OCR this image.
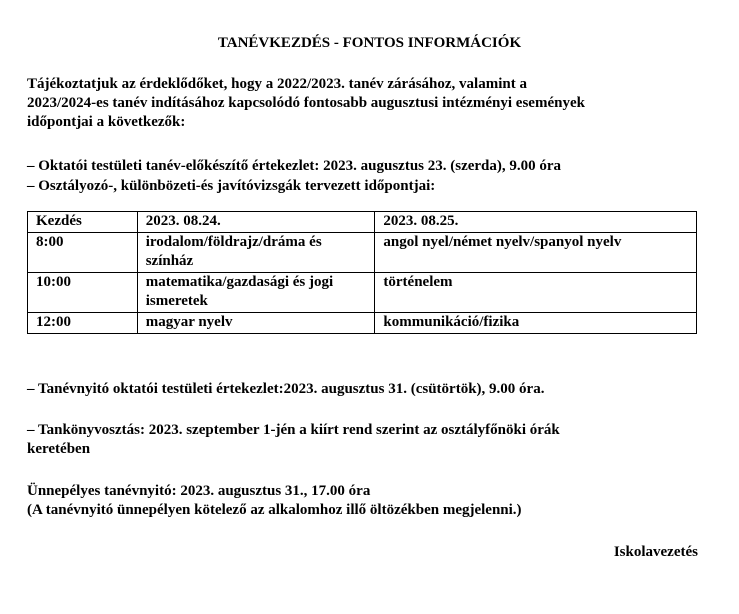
TANÉVKEZDÉS - FONTOS INFORMÁCIÓK
Tájékoztatjuk az érdeklődőket, hogy a 2022/2023. tanév zárásához, valamint a
2023/2024-es tanév indításához kapcsolódó fontosabb augusztusi intézményi események
időpontjai a következők:
– Oktatói testületi tanév-előkészítő értekezlet: 2023. augusztus 23. (szerda), 9.00 óra
– Osztályozó-, különbözeti-és javítóvizsgák tervezett időpontjai:
Kezdés	2023. 08.24.	2023. 08.25.
8:00	irodalom/földrajz/dráma és színház	angol nyel/német nyelv/spanyol nyelv
10:00	matematika/gazdasági és jogi ismeretek	történelem
12:00	magyar nyelv	kommunikáció/fizika
– Tanévnyitó oktatói testületi értekezlet:2023. augusztus 31. (csütörtök), 9.00 óra.
– Tankönyvosztás: 2023. szeptember 1-jén a kiírt rend szerint az osztályfőnöki órák
keretében
Ünnepélyes tanévnyitó: 2023. augusztus 31., 17.00 óra
(A tanévnyitó ünnepélyen kötelező az alkalomhoz illő öltözékben megjelenni.)
Iskolavezetés
